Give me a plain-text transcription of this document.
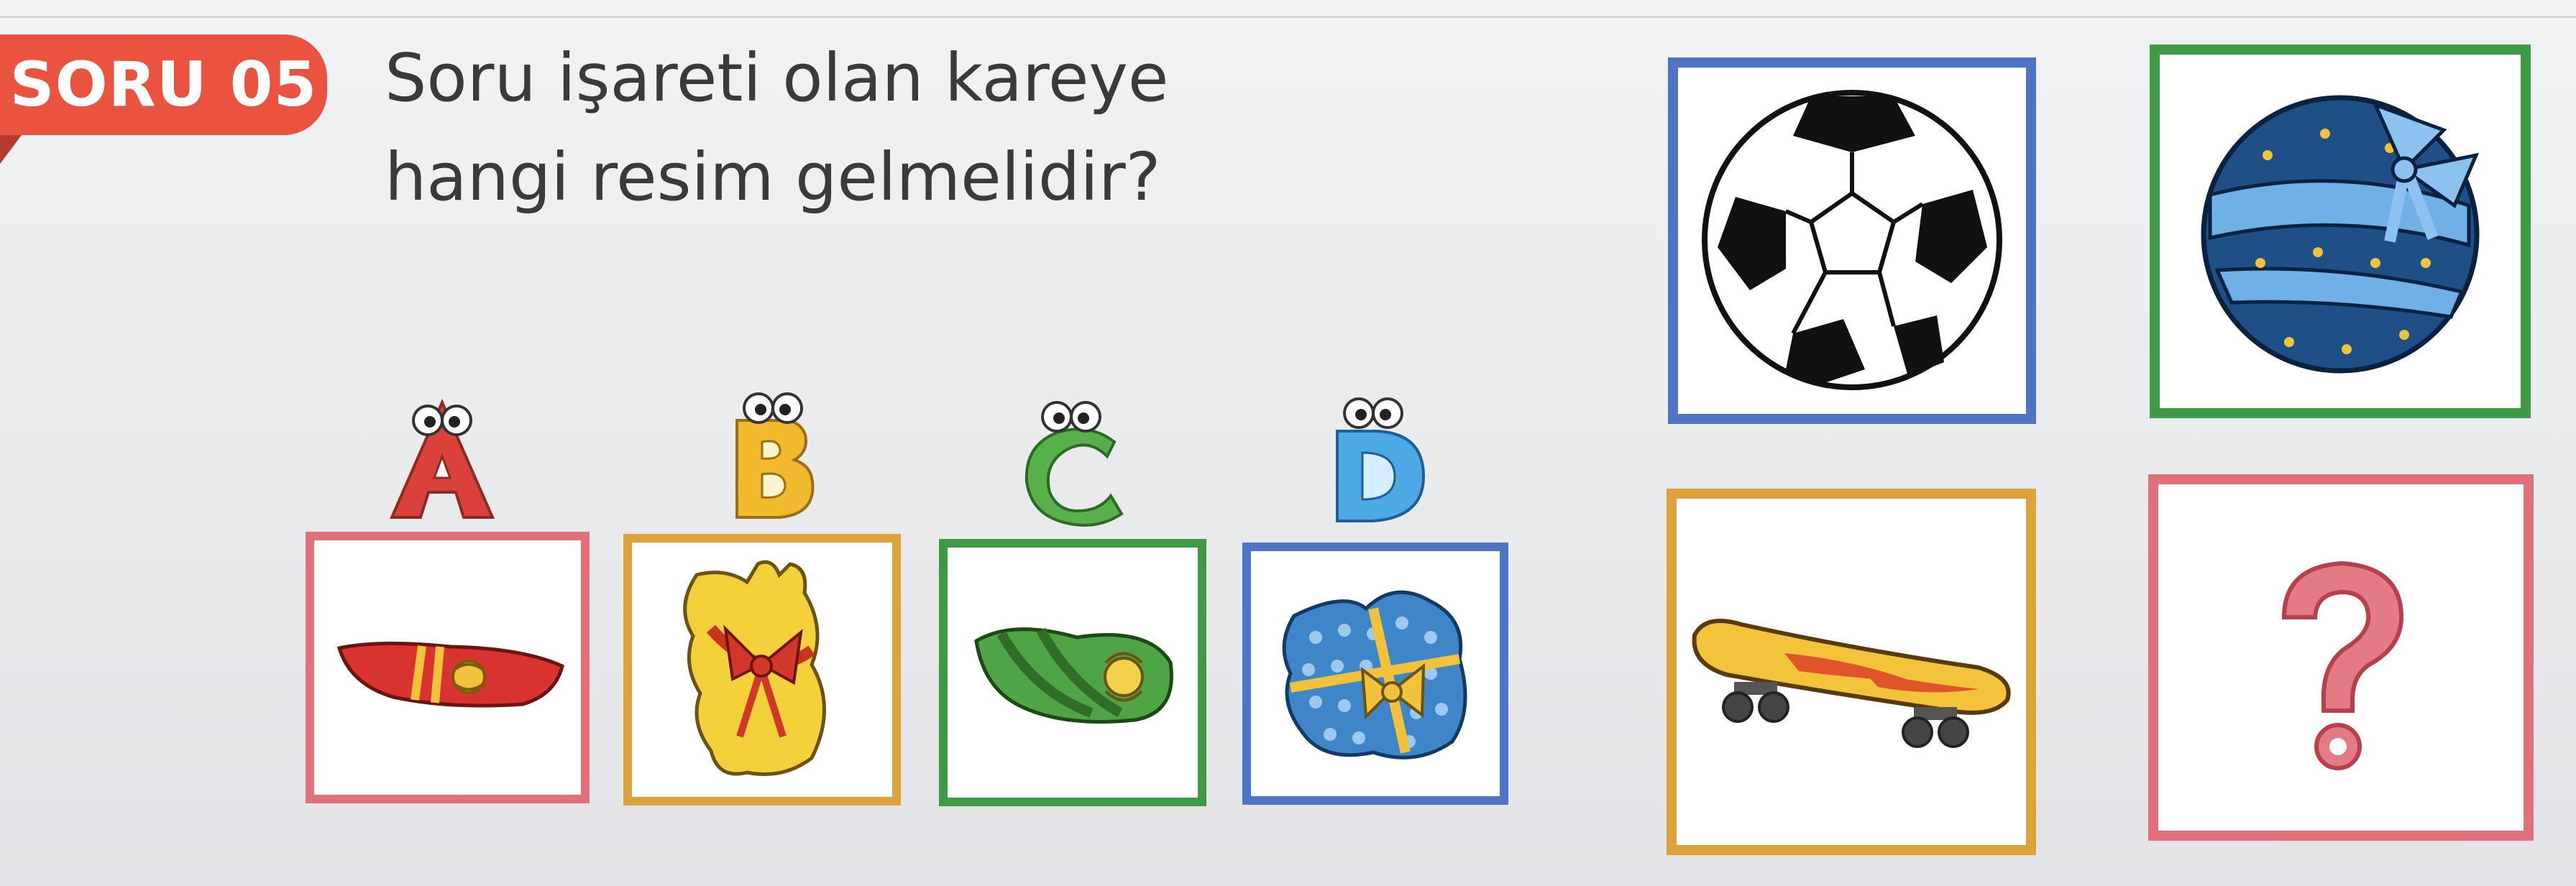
SORU 05 Soru işareti olan kareye
hangi resim gelmelidir?
